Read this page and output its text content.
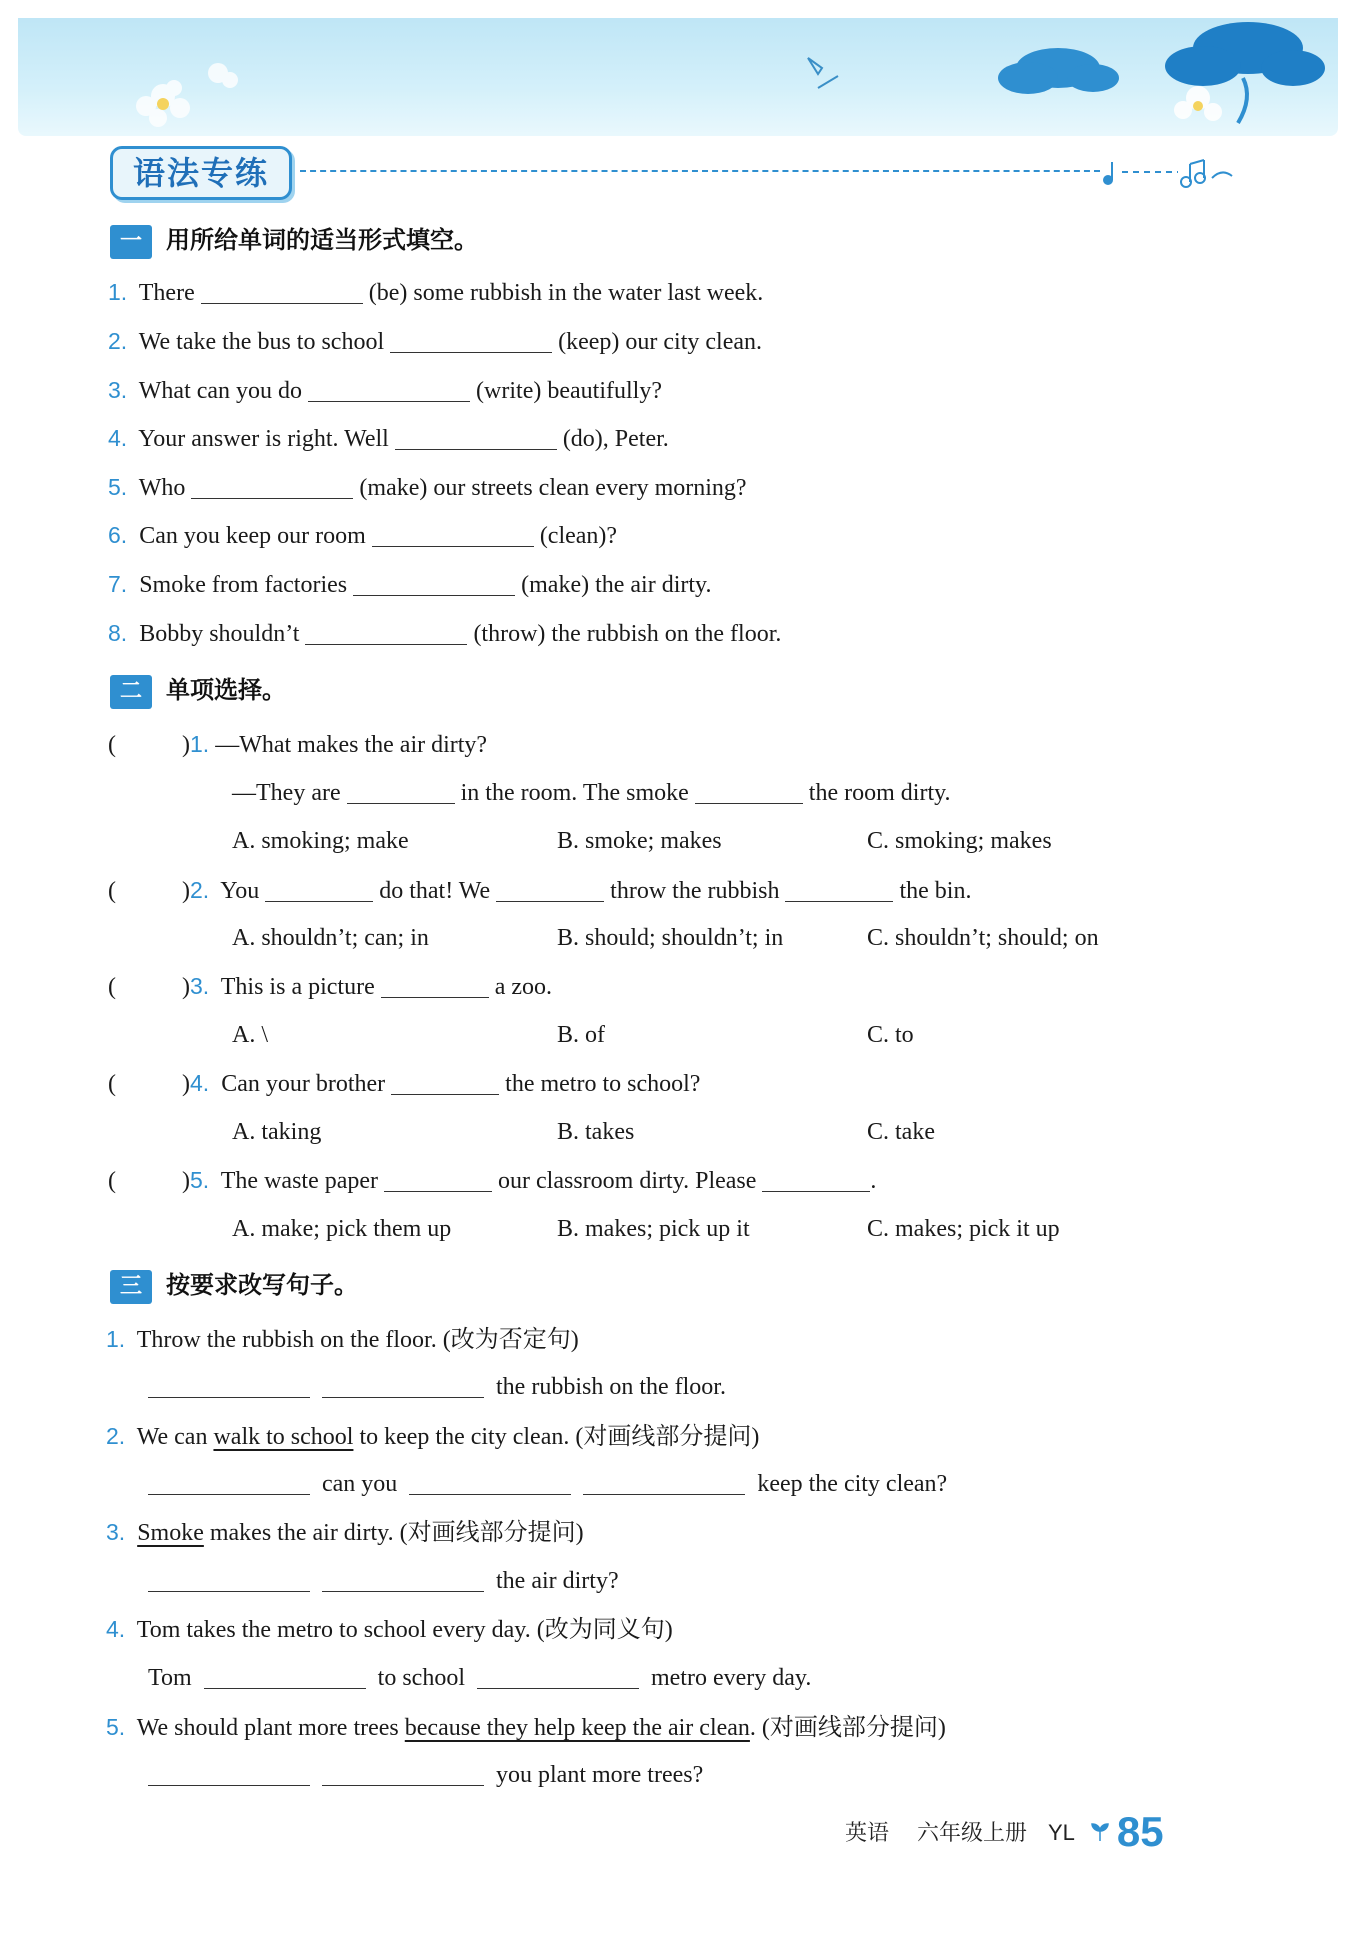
语法专练
一 用所给单词的适当形式填空。
1. There	(be) some rubbish in the water last week.
2. We take the bus to school	(keep) our city clean.
3. What can you do	(write) beautifully?
4. Your answer is right. Well	(do), Peter.
5. Who	(make) our streets clean every morning?
6. Can you keep our room	(clean)?
7. Smoke from factories	(make) the air dirty.
8. Bobby shouldn’t	(throw) the rubbish on the floor.
二 单项选择。
(	)1. —What makes the air dirty?
—They are	in the room. The smoke	the room dirty.
A. smoking; make	B. smoke; makes	C. smoking; makes
(	)2. You	do that! We	throw the rubbish	the bin.
A. shouldn’t; can; in	B. should; shouldn’t; in	C. shouldn’t; should; on
(	)3. This is a picture	a zoo.
A. \	B. of	C. to
(	)4. Can your brother	the metro to school?
A. taking	B. takes	C. take
(	)5. The waste paper	our classroom dirty. Please	.
A. make; pick them up	B. makes; pick up it	C. makes; pick it up
三 按要求改写句子。
1. Throw the rubbish on the floor. (改为否定句)
the rubbish on the floor.
2. We can walk to school to keep the city clean. (对画线部分提问)
can you	keep the city clean?
3. Smoke makes the air dirty. (对画线部分提问)
the air dirty?
4. Tom takes the metro to school every day. (改为同义句)
Tom	to school	metro every day.
5. We should plant more trees because they help keep the air clean. (对画线部分提问)
you plant more trees?
英语 六年级上册 YL 85
